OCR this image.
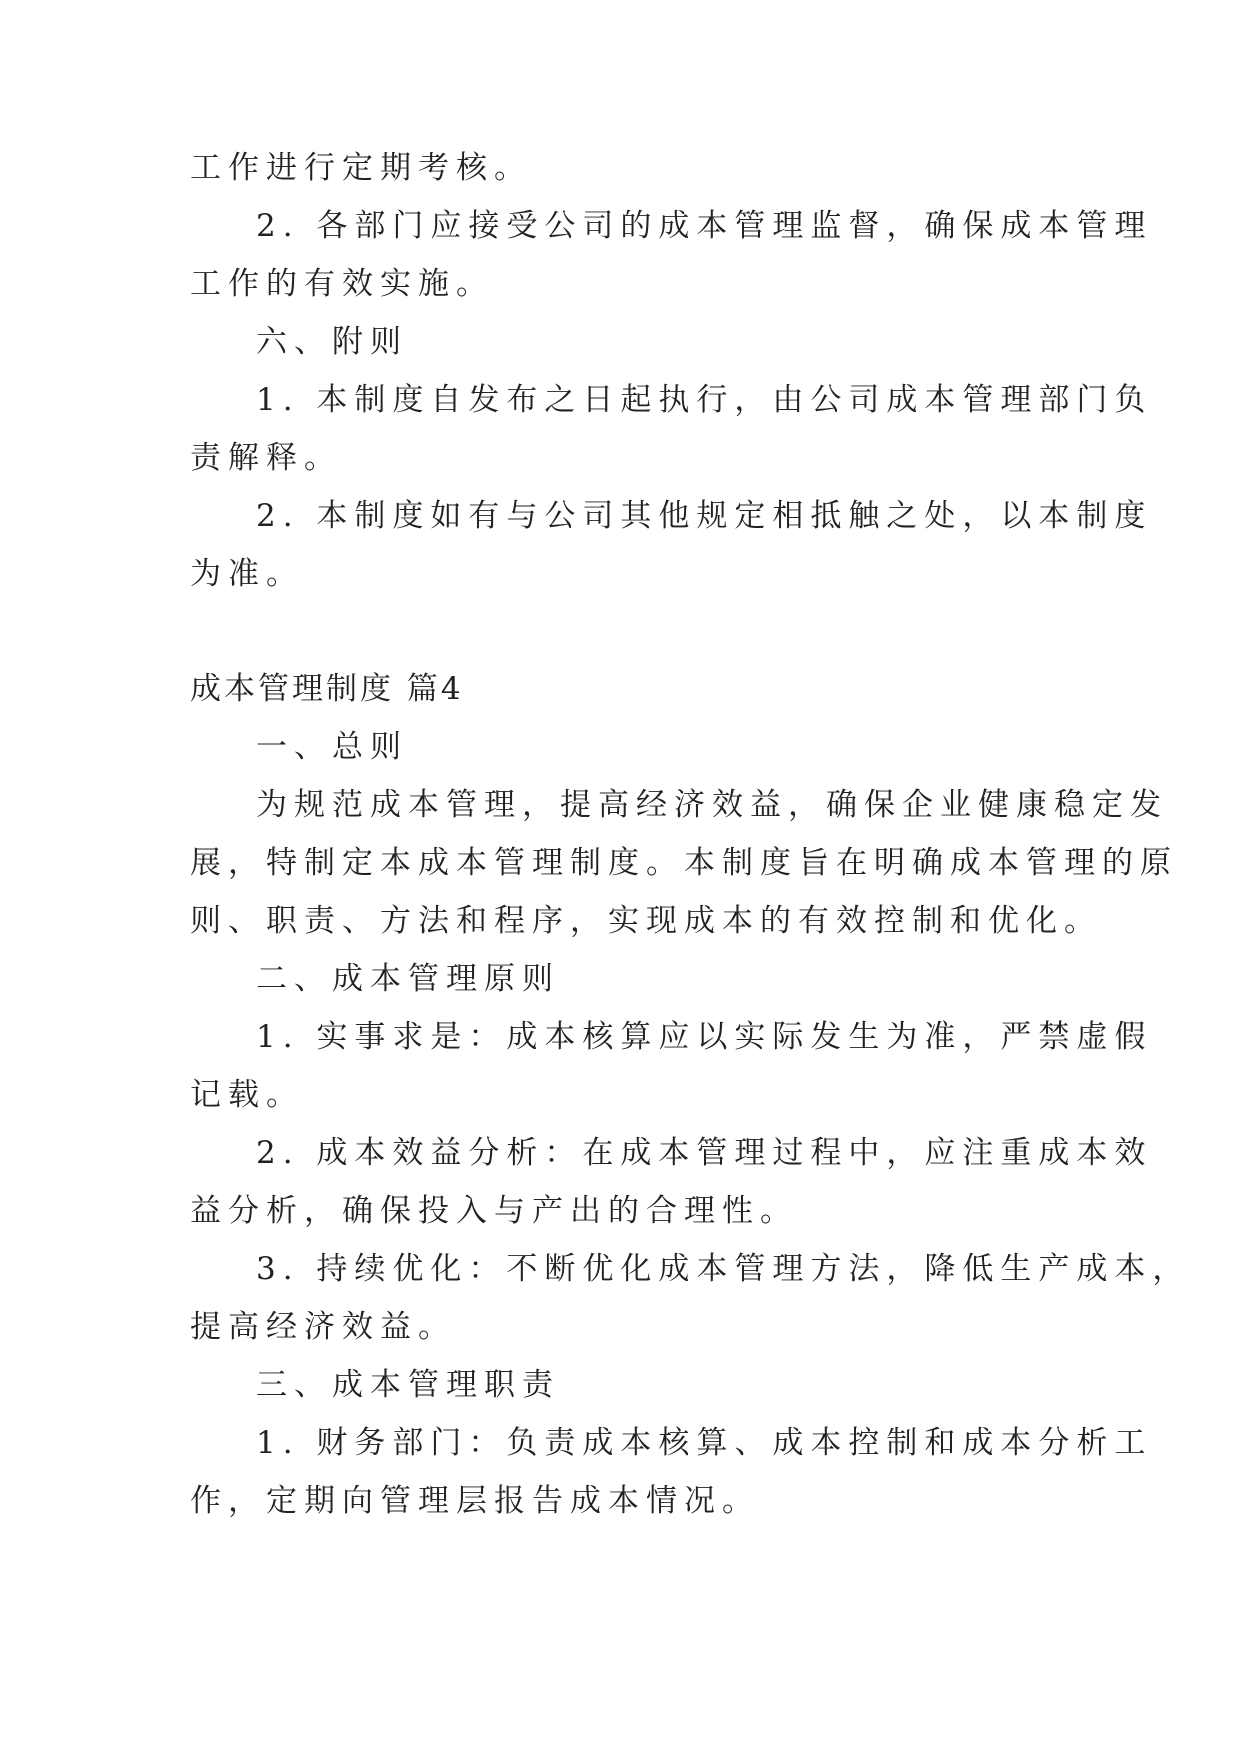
工作进行定期考核。
2. 各部门应接受公司的成本管理监督，确保成本管理
工作的有效实施。
六、附则
1. 本制度自发布之日起执行，由公司成本管理部门负
责解释。
2. 本制度如有与公司其他规定相抵触之处，以本制度
为准。
成本管理制度 篇4
一、总则
为规范成本管理，提高经济效益，确保企业健康稳定发
展，特制定本成本管理制度。本制度旨在明确成本管理的原
则、职责、方法和程序，实现成本的有效控制和优化。
二、成本管理原则
1. 实事求是：成本核算应以实际发生为准，严禁虚假
记载。
2. 成本效益分析：在成本管理过程中，应注重成本效
益分析，确保投入与产出的合理性。
3. 持续优化：不断优化成本管理方法，降低生产成本，
提高经济效益。
三、成本管理职责
1. 财务部门：负责成本核算、成本控制和成本分析工
作，定期向管理层报告成本情况。
